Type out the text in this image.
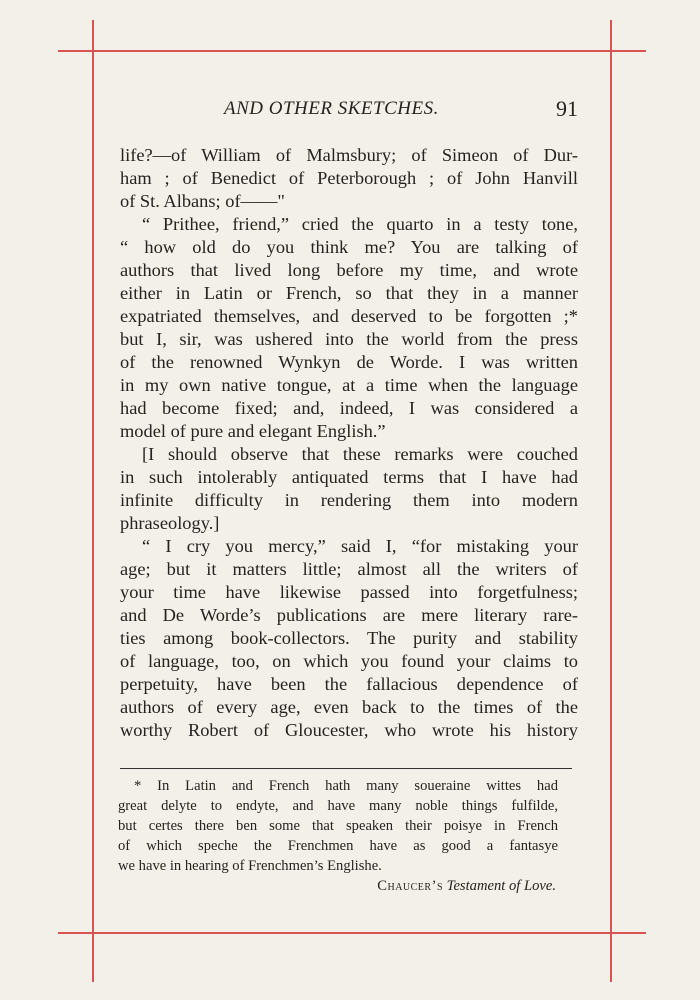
AND OTHER SKETCHES.	91
life?—of William of Malmsbury; of Simeon of Dur-
ham ; of Benedict of Peterborough ; of John Hanvill
of St. Albans; of——"
“ Prithee, friend,” cried the quarto in a testy tone,
“ how old do you think me? You are talking of
authors that lived long before my time, and wrote
either in Latin or French, so that they in a manner
expatriated themselves, and deserved to be forgotten ;*
but I, sir, was ushered into the world from the press
of the renowned Wynkyn de Worde. I was written
in my own native tongue, at a time when the language
had become fixed; and, indeed, I was considered a
model of pure and elegant English.”
[I should observe that these remarks were couched
in such intolerably antiquated terms that I have had
infinite difficulty in rendering them into modern
phraseology.]
“ I cry you mercy,” said I, “for mistaking your
age; but it matters little; almost all the writers of
your time have likewise passed into forgetfulness;
and De Worde’s publications are mere literary rare-
ties among book-collectors. The purity and stability
of language, too, on which you found your claims to
perpetuity, have been the fallacious dependence of
authors of every age, even back to the times of the
worthy Robert of Gloucester, who wrote his history
* In Latin and French hath many soueraine wittes had
great delyte to endyte, and have many noble things fulfilde,
but certes there ben some that speaken their poisye in French
of which speche the Frenchmen have as good a fantasye
we have in hearing of Frenchmen’s Englishe.
Chaucer’s Testament of Love.
